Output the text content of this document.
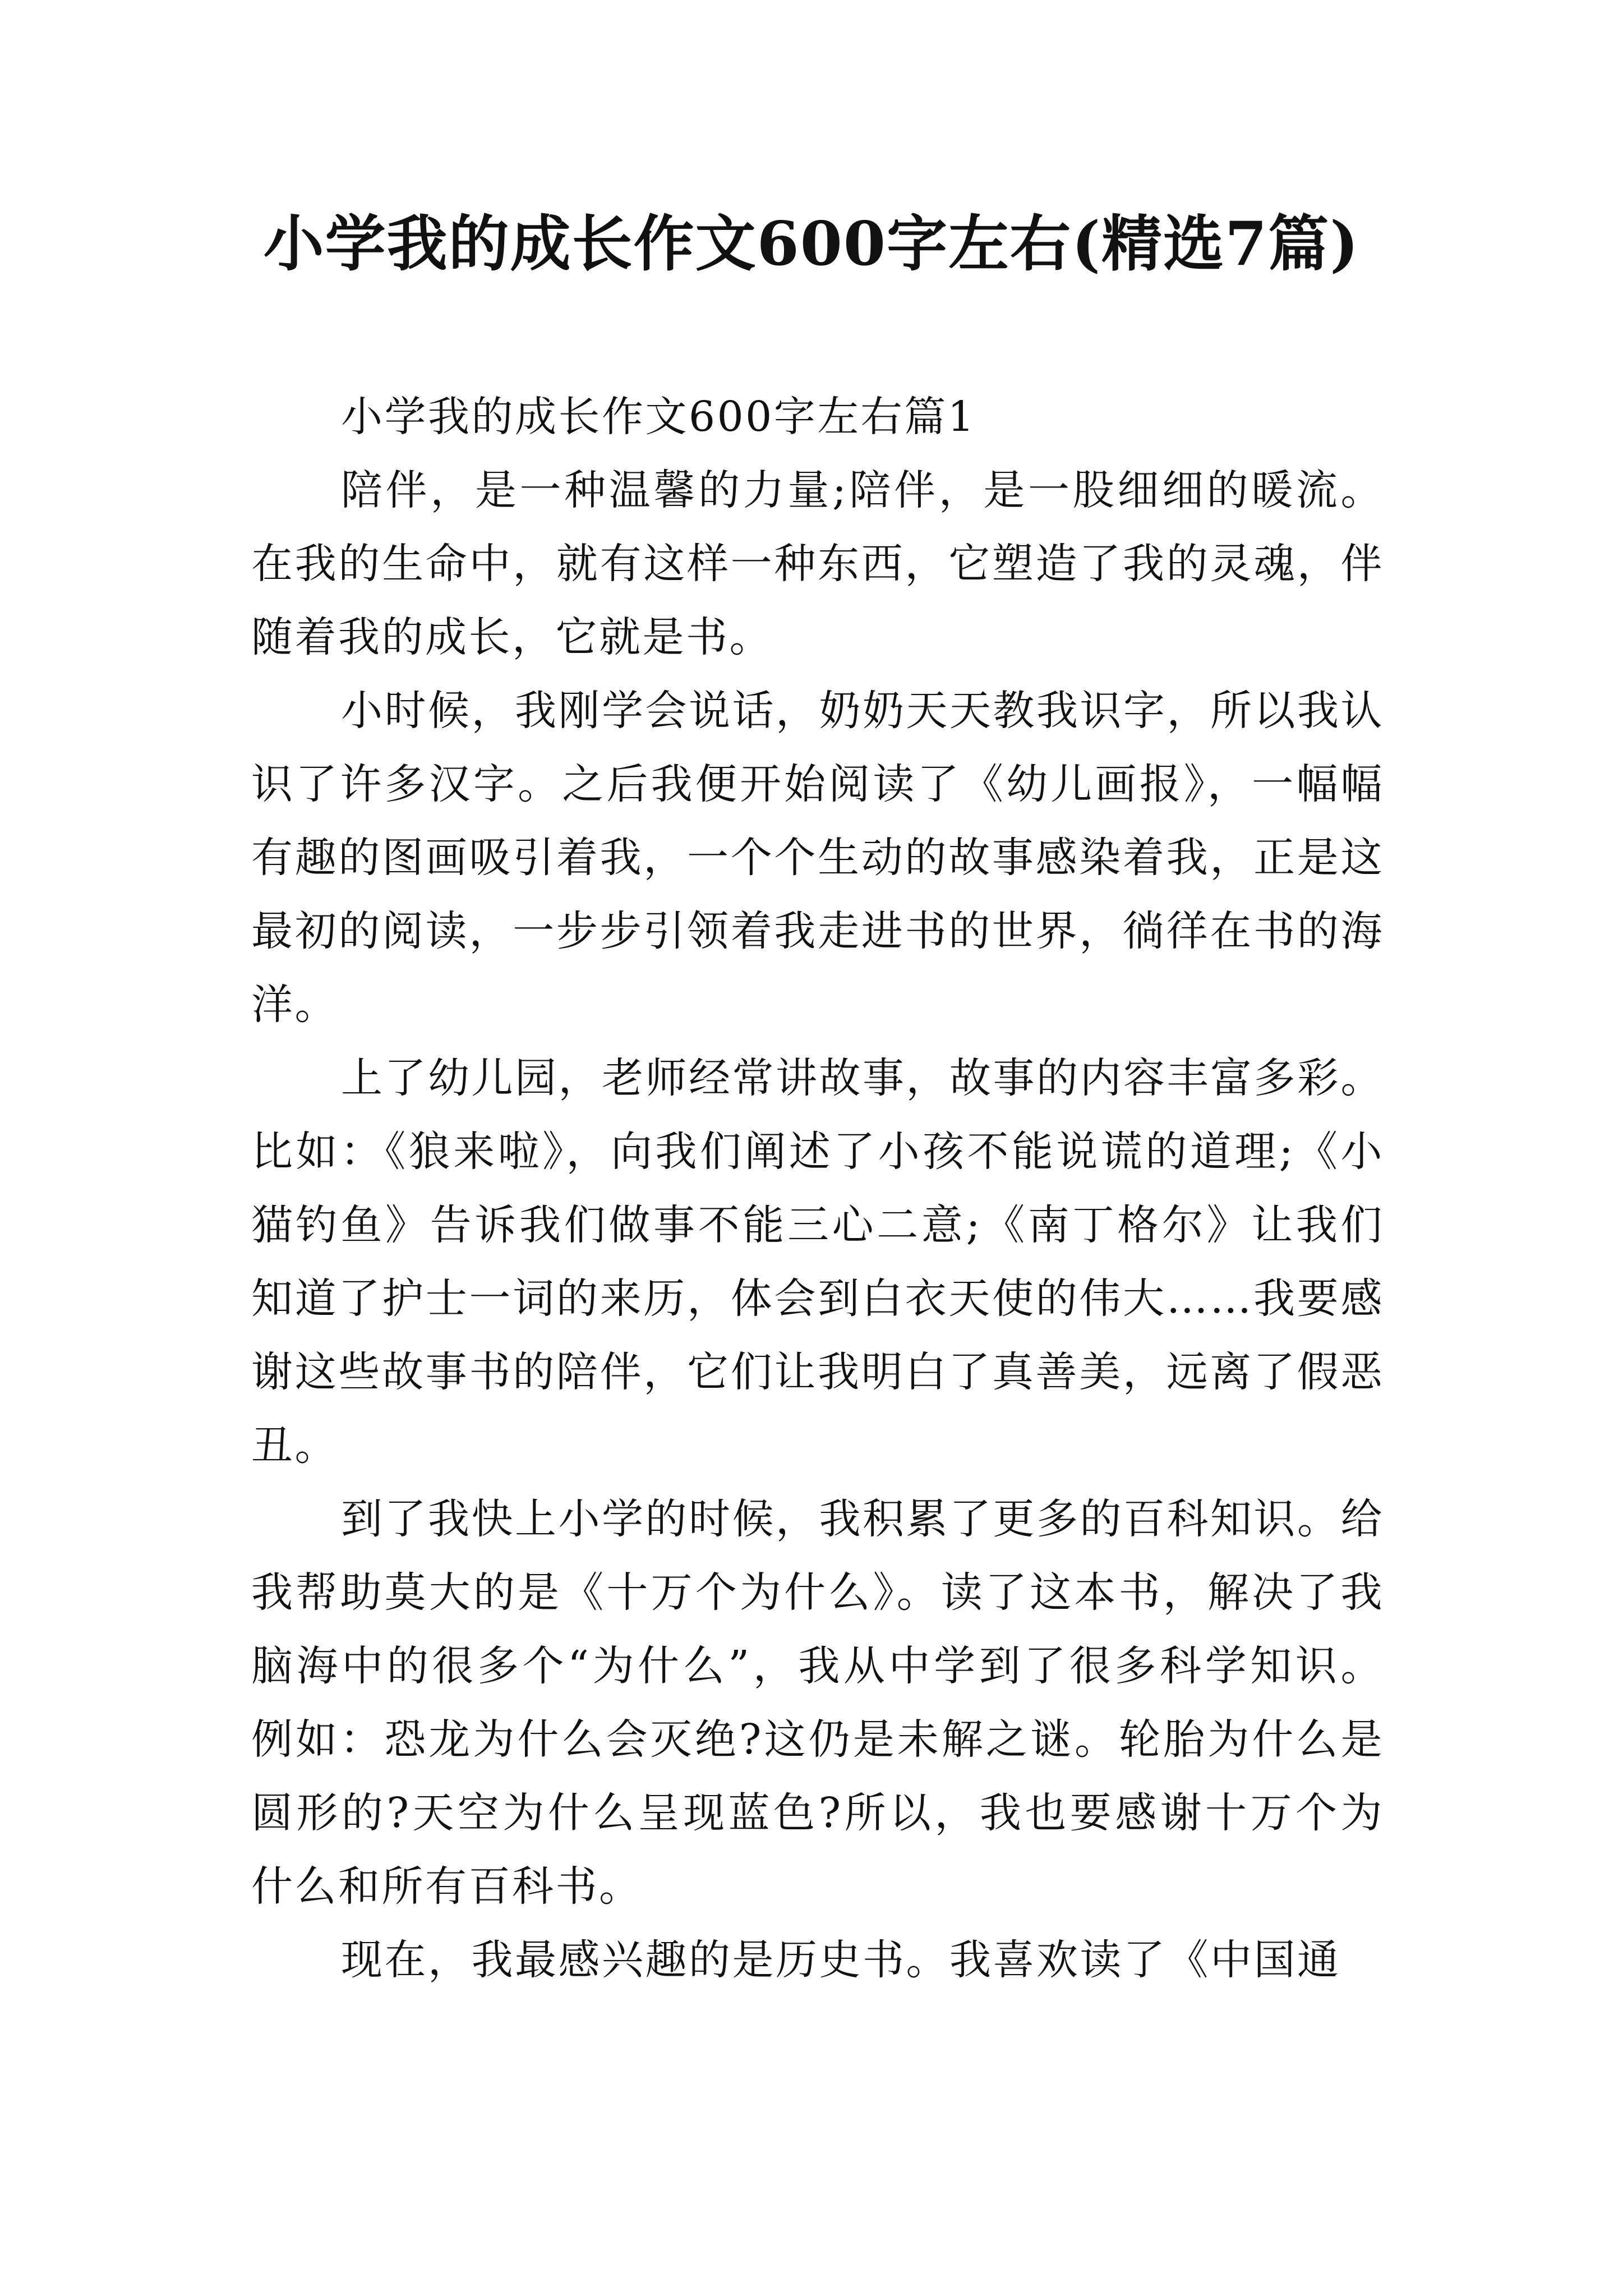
小学我的成长作文600字左右(精选7篇)

小学我的成长作文600字左右篇1

陪伴，是一种温馨的力量;陪伴，是一股细细的暖流。在我的生命中，就有这样一种东西，它塑造了我的灵魂，伴随着我的成长，它就是书。

小时候，我刚学会说话，奶奶天天教我识字，所以我认识了许多汉字。之后我便开始阅读了《幼儿画报》，一幅幅有趣的图画吸引着我，一个个生动的故事感染着我，正是这最初的阅读，一步步引领着我走进书的世界，徜徉在书的海洋。

上了幼儿园，老师经常讲故事，故事的内容丰富多彩。比如：《狼来啦》，向我们阐述了小孩不能说谎的道理;《小猫钓鱼》告诉我们做事不能三心二意;《南丁格尔》让我们知道了护士一词的来历，体会到白衣天使的伟大……我要感谢这些故事书的陪伴，它们让我明白了真善美，远离了假恶丑。

到了我快上小学的时候，我积累了更多的百科知识。给我帮助莫大的是《十万个为什么》。读了这本书，解决了我脑海中的很多个“为什么”，我从中学到了很多科学知识。例如：恐龙为什么会灭绝?这仍是未解之谜。轮胎为什么是圆形的?天空为什么呈现蓝色?所以，我也要感谢十万个为什么和所有百科书。

现在，我最感兴趣的是历史书。我喜欢读了《中国通
